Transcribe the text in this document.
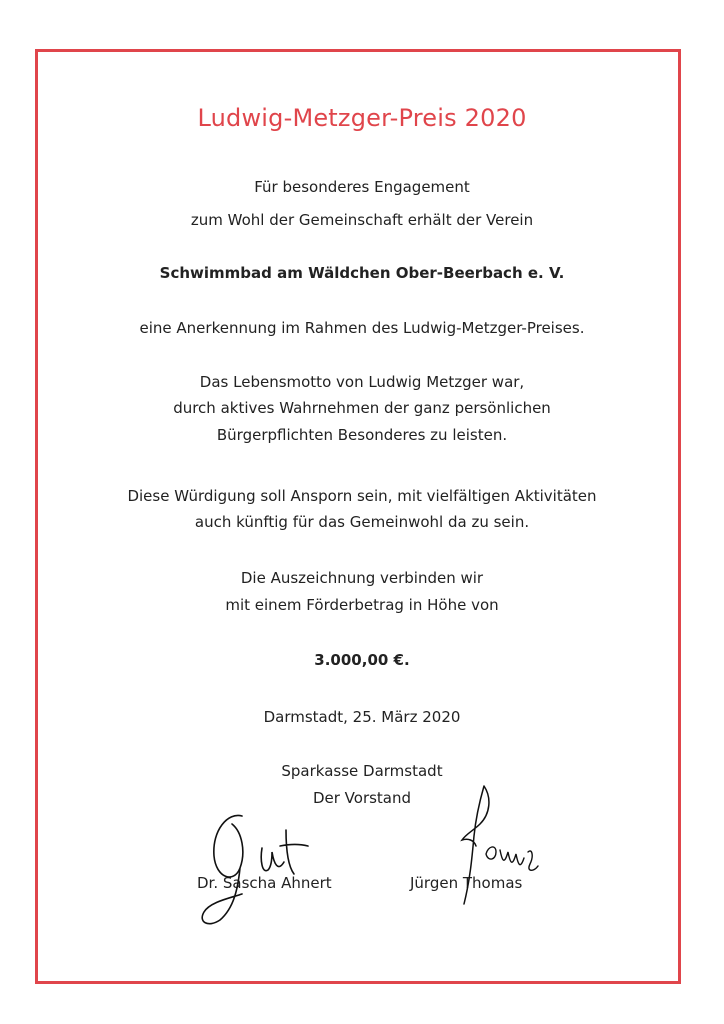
Ludwig-Metzger-Preis 2020
Für besonderes Engagement
zum Wohl der Gemeinschaft erhält der Verein
Schwimmbad am Wäldchen Ober-Beerbach e. V.
eine Anerkennung im Rahmen des Ludwig-Metzger-Preises.
Das Lebensmotto von Ludwig Metzger war,
durch aktives Wahrnehmen der ganz persönlichen
Bürgerpflichten Besonderes zu leisten.
Diese Würdigung soll Ansporn sein, mit vielfältigen Aktivitäten
auch künftig für das Gemeinwohl da zu sein.
Die Auszeichnung verbinden wir
mit einem Förderbetrag in Höhe von
3.000,00 €.
Darmstadt, 25. März 2020
Sparkasse Darmstadt
Der Vorstand
Dr. Sascha Ahnert	Jürgen Thomas
